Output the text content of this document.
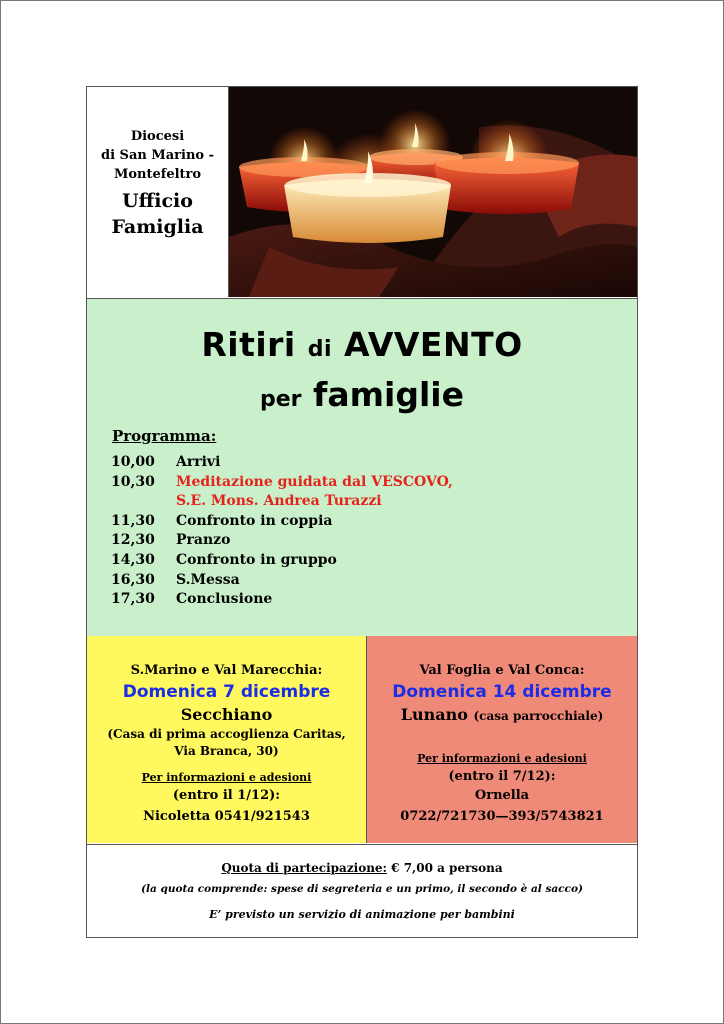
Diocesi
di San Marino -
Montefeltro
Ufficio
Famiglia
Ritiri di AVVENTO
per famiglie
Programma:
10,00 Arrivi
10,30 Meditazione guidata dal VESCOVO,
S.E. Mons. Andrea Turazzi
11,30 Confronto in coppia
12,30 Pranzo
14,30 Confronto in gruppo
16,30 S.Messa
17,30 Conclusione
S.Marino e Val Marecchia:
Domenica 7 dicembre
Secchiano
(Casa di prima accoglienza Caritas,
Via Branca, 30)
Per informazioni e adesioni
(entro il 1/12):
Nicoletta 0541/921543
Val Foglia e Val Conca:
Domenica 14 dicembre
Lunano (casa parrocchiale)
Per informazioni e adesioni
(entro il 7/12):
Ornella
0722/721730—393/5743821
Quota di partecipazione: € 7,00 a persona
(la quota comprende: spese di segreteria e un primo, il secondo è al sacco)
E’ previsto un servizio di animazione per bambini
